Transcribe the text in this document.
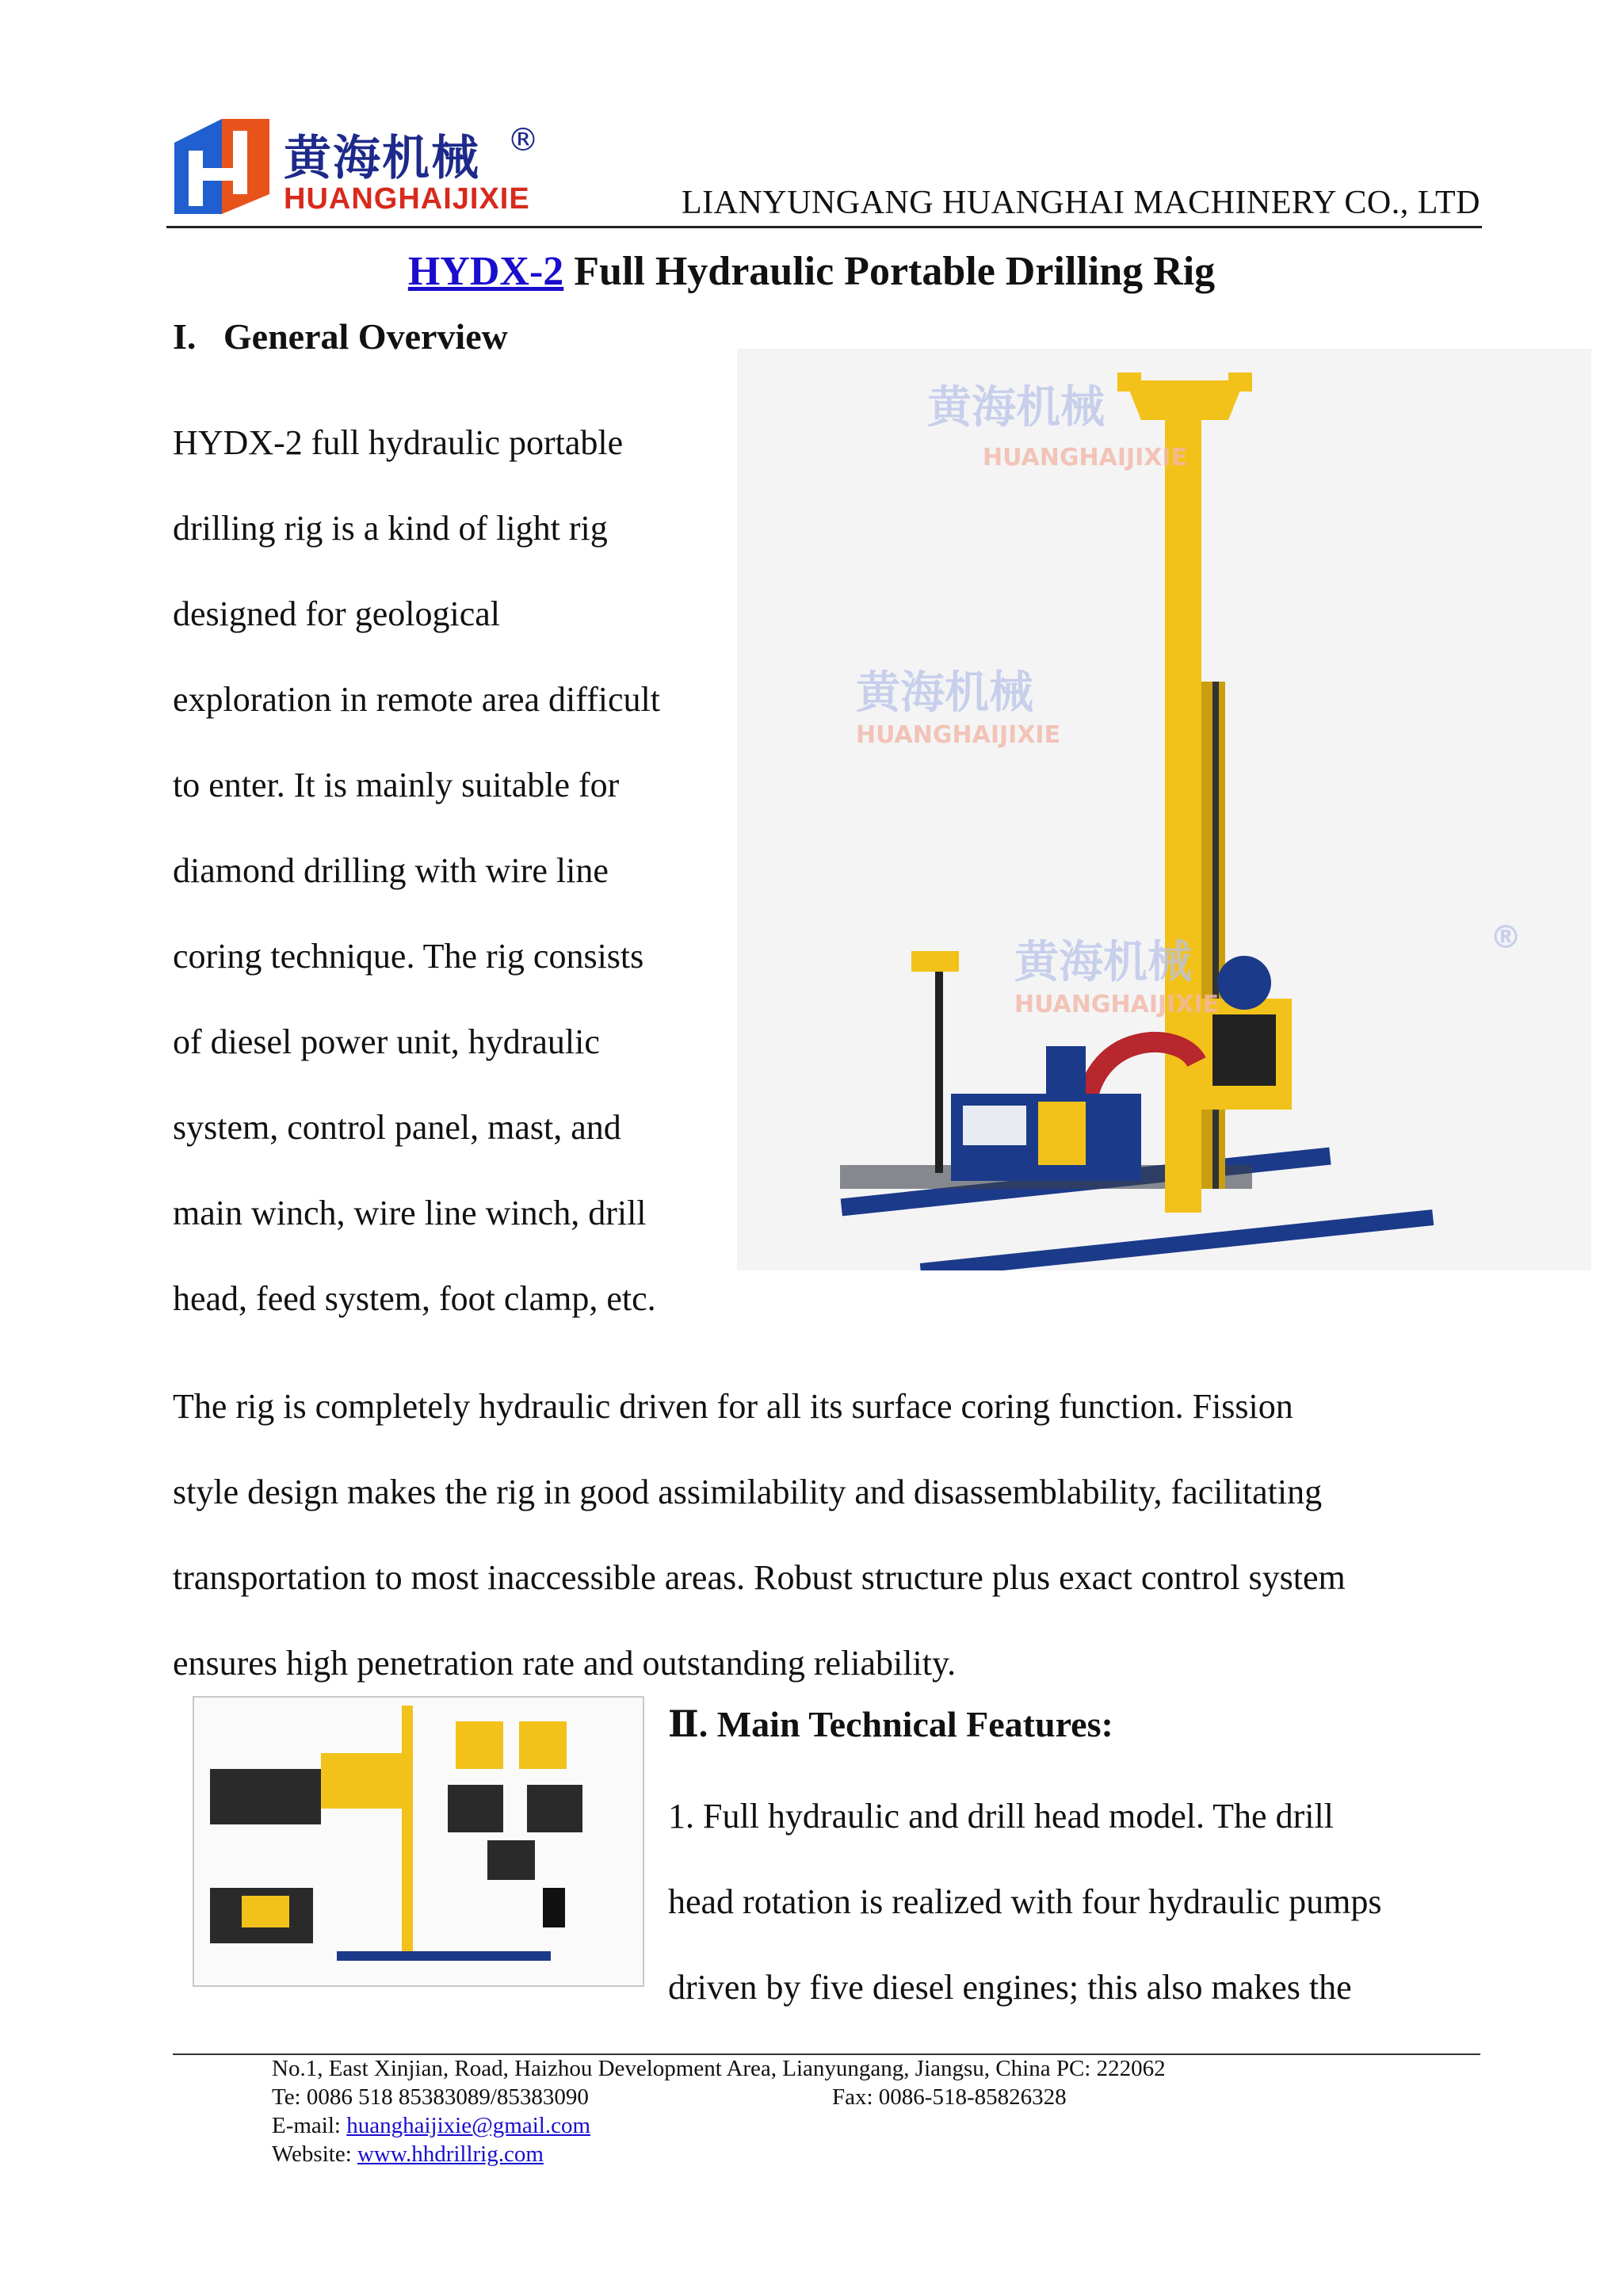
黄海机械 ®
HUANGHAIJIXIE	LIANYUNGANG HUANGHAI MACHINERY CO., LTD
HYDX-2 Full Hydraulic Portable Drilling Rig
I.   General Overview
HYDX-2 full hydraulic portable
drilling rig is a kind of light rig
designed for geological
exploration in remote area difficult
to enter. It is mainly suitable for
diamond drilling with wire line
coring technique. The rig consists
of diesel power unit, hydraulic
system, control panel, mast, and
main winch, wire line winch, drill
head, feed system, foot clamp, etc.
黄海机械
HUANGHAIJIXIE
黄海机械
HUANGHAIJIXIE
黄海机械
HUANGHAIJIXIE
®
The rig is completely hydraulic driven for all its surface coring function. Fission
style design makes the rig in good assimilability and disassemblability, facilitating
transportation to most inaccessible areas. Robust structure plus exact control system
ensures high penetration rate and outstanding reliability.
Ⅱ. Main Technical Features:
1. Full hydraulic and drill head model. The drill
head rotation is realized with four hydraulic pumps
driven by five diesel engines; this also makes the
No.1, East Xinjian, Road, Haizhou Development Area, Lianyungang, Jiangsu, China PC: 222062
Te: 0086 518 85383089/85383090
E-mail: huanghaijixie@gmail.com
Website: www.hhdrillrig.com
Fax: 0086-518-85826328
